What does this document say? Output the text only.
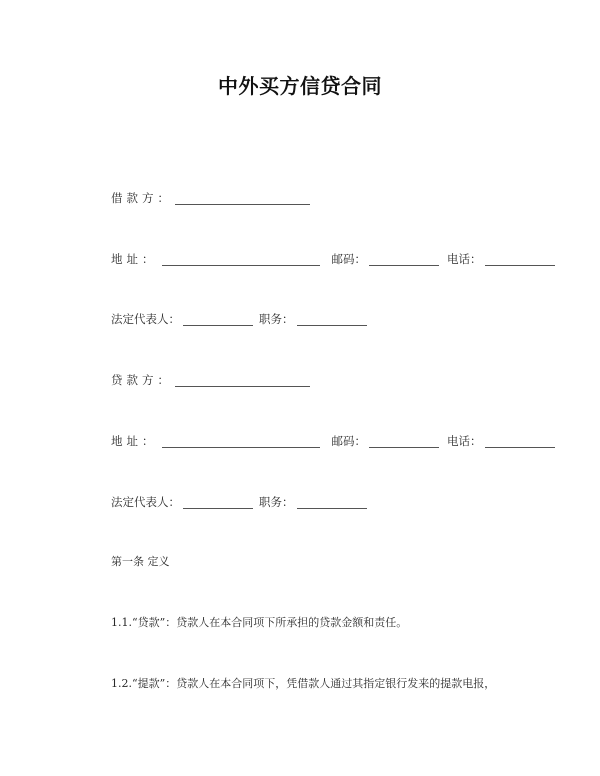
中外买方信贷合同
借款方：
地址：	邮码：	电话：
法定代表人：	职务：
贷款方：
地址：	邮码：	电话：
法定代表人：	职务：
第一条 定义
1.1.“贷款”：贷款人在本合同项下所承担的贷款金额和责任。
1.2.“提款”：贷款人在本合同项下，凭借款人通过其指定银行发来的提款电报，
